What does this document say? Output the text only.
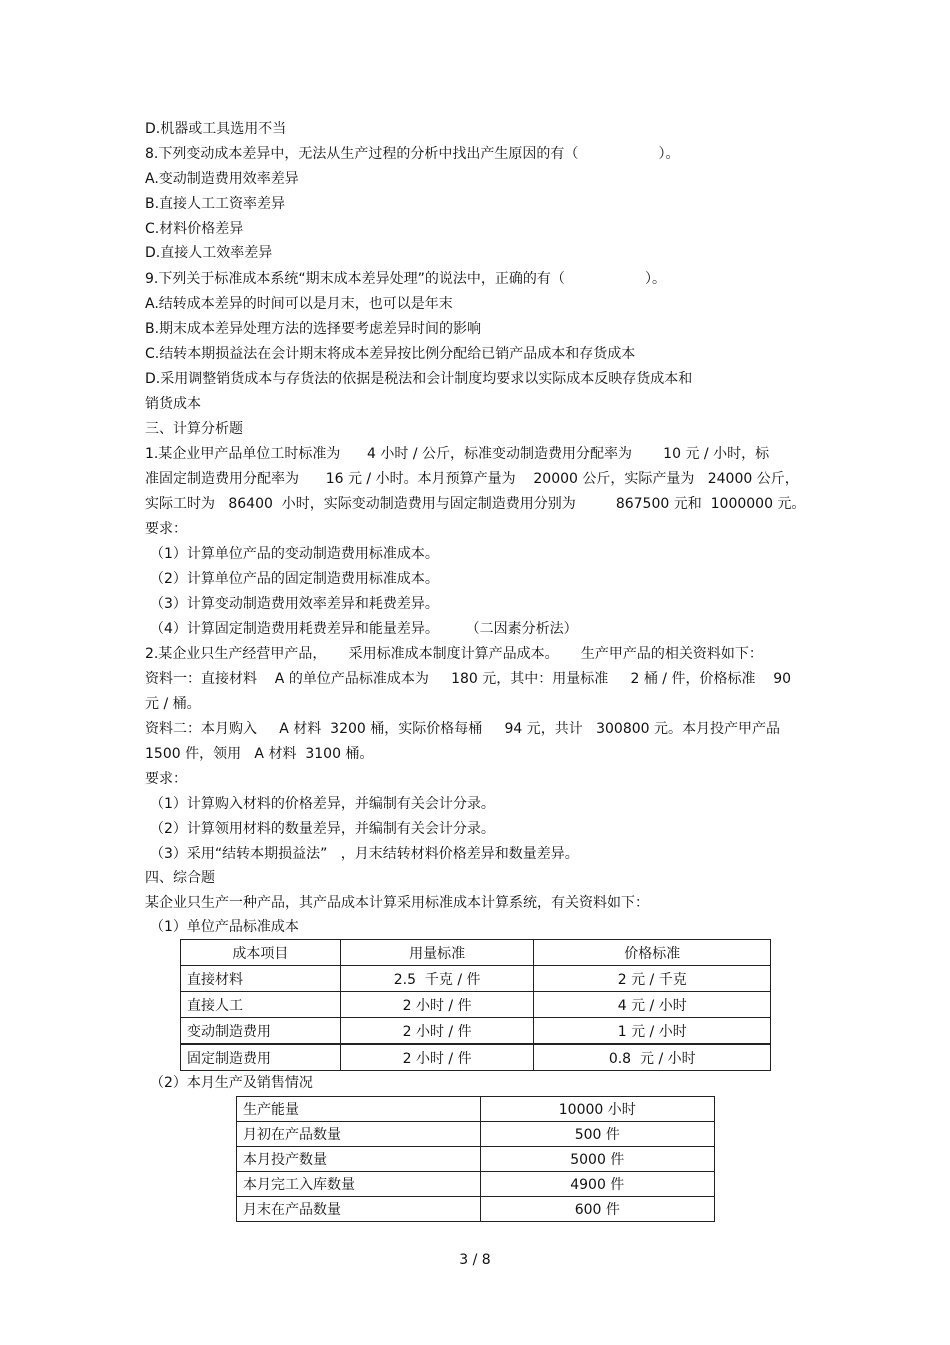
D.机器或工具选用不当
8.下列变动成本差异中，无法从生产过程的分析中找出产生原因的有（                  ）。
A.变动制造费用效率差异
B.直接人工工资率差异
C.材料价格差异
D.直接人工效率差异
9.下列关于标准成本系统“期末成本差异处理”的说法中，正确的有（                  ）。
A.结转成本差异的时间可以是月末，也可以是年末
B.期末成本差异处理方法的选择要考虑差异时间的影响
C.结转本期损益法在会计期末将成本差异按比例分配给已销产品成本和存货成本
D.采用调整销货成本与存货法的依据是税法和会计制度均要求以实际成本反映存货成本和
销货成本
三、计算分析题
1.某企业甲产品单位工时标准为      4 小时 / 公斤，标准变动制造费用分配率为       10 元 / 小时，标
准固定制造费用分配率为      16 元 / 小时。本月预算产量为    20000 公斤，实际产量为   24000 公斤，
实际工时为   86400  小时，实际变动制造费用与固定制造费用分别为         867500 元和  1000000 元。
要求：
（1）计算单位产品的变动制造费用标准成本。
（2）计算单位产品的固定制造费用标准成本。
（3）计算变动制造费用效率差异和耗费差异。
（4）计算固定制造费用耗费差异和能量差异。      （二因素分析法）
2.某企业只生产经营甲产品，     采用标准成本制度计算产品成本。     生产甲产品的相关资料如下：
资料一：直接材料    A 的单位产品标准成本为     180 元，其中：用量标准     2 桶 / 件，价格标准    90
元 / 桶。
资料二：本月购入     A 材料  3200 桶，实际价格每桶     94 元，共计   300800 元。本月投产甲产品
1500 件，领用   A 材料  3100 桶。
要求：
（1）计算购入材料的价格差异，并编制有关会计分录。
（2）计算领用材料的数量差异，并编制有关会计分录。
（3）采用“结转本期损益法”   ，月末结转材料价格差异和数量差异。
四、综合题
某企业只生产一种产品，其产品成本计算采用标准成本计算系统，有关资料如下：
（1）单位产品标准成本
成本项目	用量标准	价格标准
直接材料	2.5  千克 / 件	2 元 / 千克
直接人工	2 小时 / 件	4 元 / 小时
变动制造费用	2 小时 / 件	1 元 / 小时
固定制造费用	2 小时 / 件	0.8  元 / 小时
（2）本月生产及销售情况
生产能量	10000 小时
月初在产品数量	500 件
本月投产数量	5000 件
本月完工入库数量	4900 件
月末在产品数量	600 件
3 / 8
